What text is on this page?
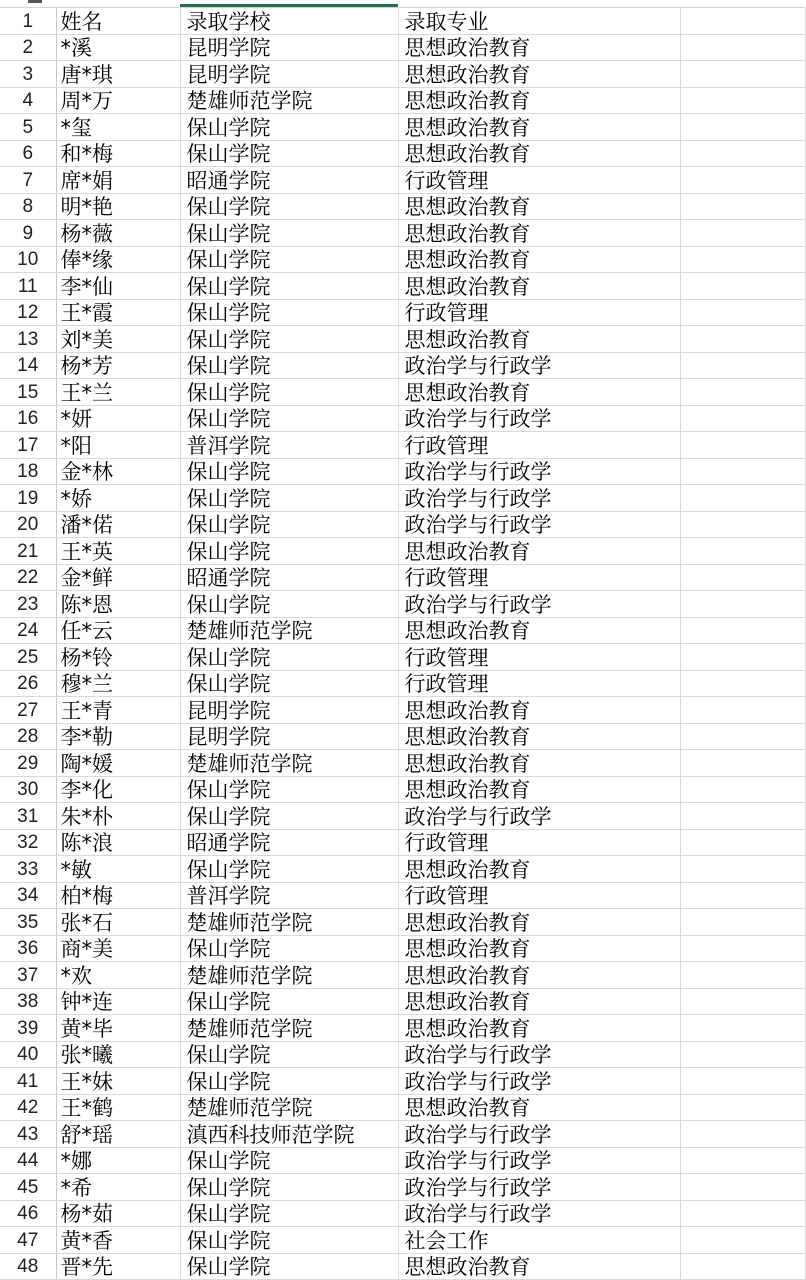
1	姓名	录取学校	录取专业	
2	*溪	昆明学院	思想政治教育	
3	唐*琪	昆明学院	思想政治教育	
4	周*万	楚雄师范学院	思想政治教育	
5	*玺	保山学院	思想政治教育	
6	和*梅	保山学院	思想政治教育	
7	席*娟	昭通学院	行政管理	
8	明*艳	保山学院	思想政治教育	
9	杨*薇	保山学院	思想政治教育	
10	俸*缘	保山学院	思想政治教育	
11	李*仙	保山学院	思想政治教育	
12	王*霞	保山学院	行政管理	
13	刘*美	保山学院	思想政治教育	
14	杨*芳	保山学院	政治学与行政学	
15	王*兰	保山学院	思想政治教育	
16	*妍	保山学院	政治学与行政学	
17	*阳	普洱学院	行政管理	
18	金*林	保山学院	政治学与行政学	
19	*娇	保山学院	政治学与行政学	
20	潘*偌	保山学院	政治学与行政学	
21	王*英	保山学院	思想政治教育	
22	金*鲜	昭通学院	行政管理	
23	陈*恩	保山学院	政治学与行政学	
24	任*云	楚雄师范学院	思想政治教育	
25	杨*铃	保山学院	行政管理	
26	穆*兰	保山学院	行政管理	
27	王*青	昆明学院	思想政治教育	
28	李*勒	昆明学院	思想政治教育	
29	陶*媛	楚雄师范学院	思想政治教育	
30	李*化	保山学院	思想政治教育	
31	朱*朴	保山学院	政治学与行政学	
32	陈*浪	昭通学院	行政管理	
33	*敏	保山学院	思想政治教育	
34	柏*梅	普洱学院	行政管理	
35	张*石	楚雄师范学院	思想政治教育	
36	商*美	保山学院	思想政治教育	
37	*欢	楚雄师范学院	思想政治教育	
38	钟*连	保山学院	思想政治教育	
39	黄*毕	楚雄师范学院	思想政治教育	
40	张*曦	保山学院	政治学与行政学	
41	王*妹	保山学院	政治学与行政学	
42	王*鹤	楚雄师范学院	思想政治教育	
43	舒*瑶	滇西科技师范学院	政治学与行政学	
44	*娜	保山学院	政治学与行政学	
45	*希	保山学院	政治学与行政学	
46	杨*茹	保山学院	政治学与行政学	
47	黄*香	保山学院	社会工作	
48	晋*先	保山学院	思想政治教育	
